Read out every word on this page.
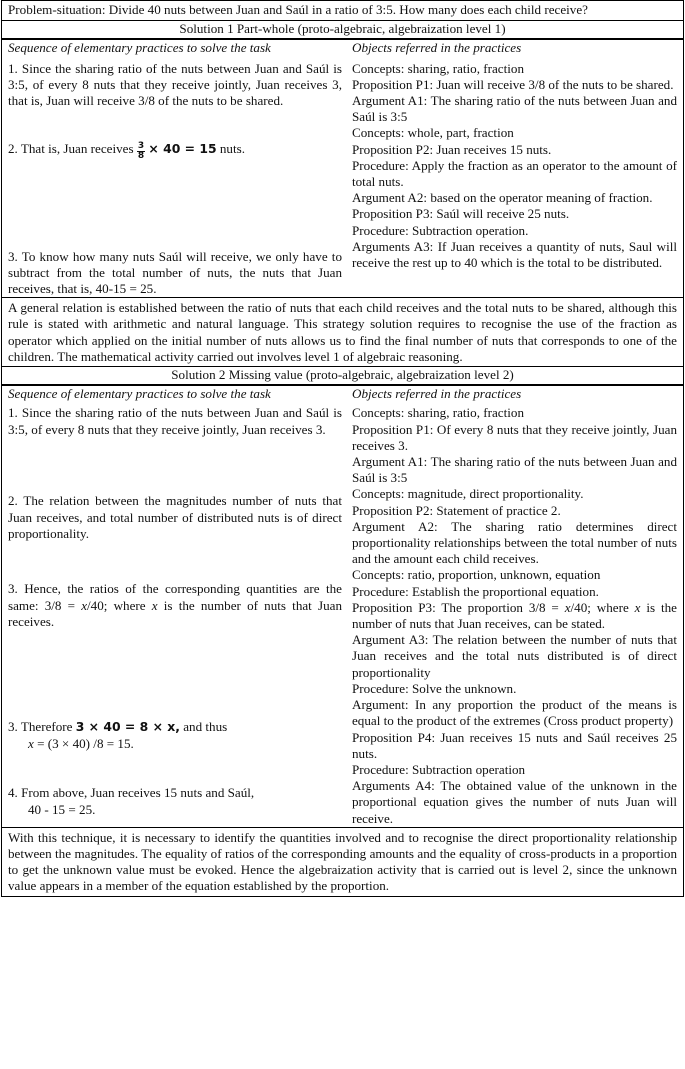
Problem-situation: Divide 40 nuts between Juan and Saúl in a ratio of 3:5. How many does each child receive?
Solution 1 Part-whole (proto-algebraic, algebraization level 1)
Sequence of elementary practices to solve the task	Objects referred in the practices

1. Since the sharing ratio of the nuts between Juan and Saúl is 3:5, of every 8 nuts that they receive jointly, Juan receives 3, that is, Juan will receive 3/8 of the nuts to be shared.

2. That is, Juan receives $\frac{3}{8} \times 40 = 15$ nuts.

3. To know how many nuts Saúl will receive, we only have to subtract from the total number of nuts, the nuts that Juan receives, that is, 40-15 = 25.

Concepts: sharing, ratio, fraction
Proposition P1: Juan will receive 3/8 of the nuts to be shared.
Argument A1: The sharing ratio of the nuts between Juan and Saúl is 3:5
Concepts: whole, part, fraction
Proposition P2: Juan receives 15 nuts.
Procedure: Apply the fraction as an operator to the amount of total nuts.
Argument A2: based on the operator meaning of fraction.
Proposition P3: Saúl will receive 25 nuts.
Procedure: Subtraction operation.
Arguments A3: If Juan receives a quantity of nuts, Saul will receive the rest up to 40 which is the total to be distributed.
A general relation is established between the ratio of nuts that each child receives and the total nuts to be shared, although this rule is stated with arithmetic and natural language. This strategy solution requires to recognise the use of the fraction as operator which applied on the initial number of nuts allows us to find the final number of nuts that corresponds to one of the children. The mathematical activity carried out involves level 1 of algebraic reasoning.
Solution 2 Missing value (proto-algebraic, algebraization level 2)
Sequence of elementary practices to solve the task	Objects referred in the practices

1. Since the sharing ratio of the nuts between Juan and Saúl is 3:5, of every 8 nuts that they receive jointly, Juan receives 3.

2. The relation between the magnitudes number of nuts that Juan receives, and total number of distributed nuts is of direct proportionality.

3. Hence, the ratios of the corresponding quantities are the same: 3/8 = x/40; where x is the number of nuts that Juan receives.

3. Therefore 3 × 40 = 8 × x, and thus
x = (3 × 40) /8 = 15.

4. From above, Juan receives 15 nuts and Saúl,
40 - 15 = 25.

Concepts: sharing, ratio, fraction
Proposition P1: Of every 8 nuts that they receive jointly, Juan receives 3.
Argument A1: The sharing ratio of the nuts between Juan and Saúl is 3:5
Concepts: magnitude, direct proportionality.
Proposition P2: Statement of practice 2.
Argument A2: The sharing ratio determines direct proportionality relationships between the total number of nuts and the amount each child receives.
Concepts: ratio, proportion, unknown, equation
Procedure: Establish the proportional equation.
Proposition P3: The proportion 3/8 = x/40; where x is the number of nuts that Juan receives, can be stated.
Argument A3: The relation between the number of nuts that Juan receives and the total nuts distributed is of direct proportionality
Procedure: Solve the unknown.
Argument: In any proportion the product of the means is equal to the product of the extremes (Cross product property)
Proposition P4: Juan receives 15 nuts and Saúl receives 25 nuts.
Procedure: Subtraction operation
Arguments A4: The obtained value of the unknown in the proportional equation gives the number of nuts Juan will receive.
With this technique, it is necessary to identify the quantities involved and to recognise the direct proportionality relationship between the magnitudes. The equality of ratios of the corresponding amounts and the equality of cross-products in a proportion to get the unknown value must be evoked. Hence the algebraization activity that is carried out is level 2, since the unknown value appears in a member of the equation established by the proportion.
